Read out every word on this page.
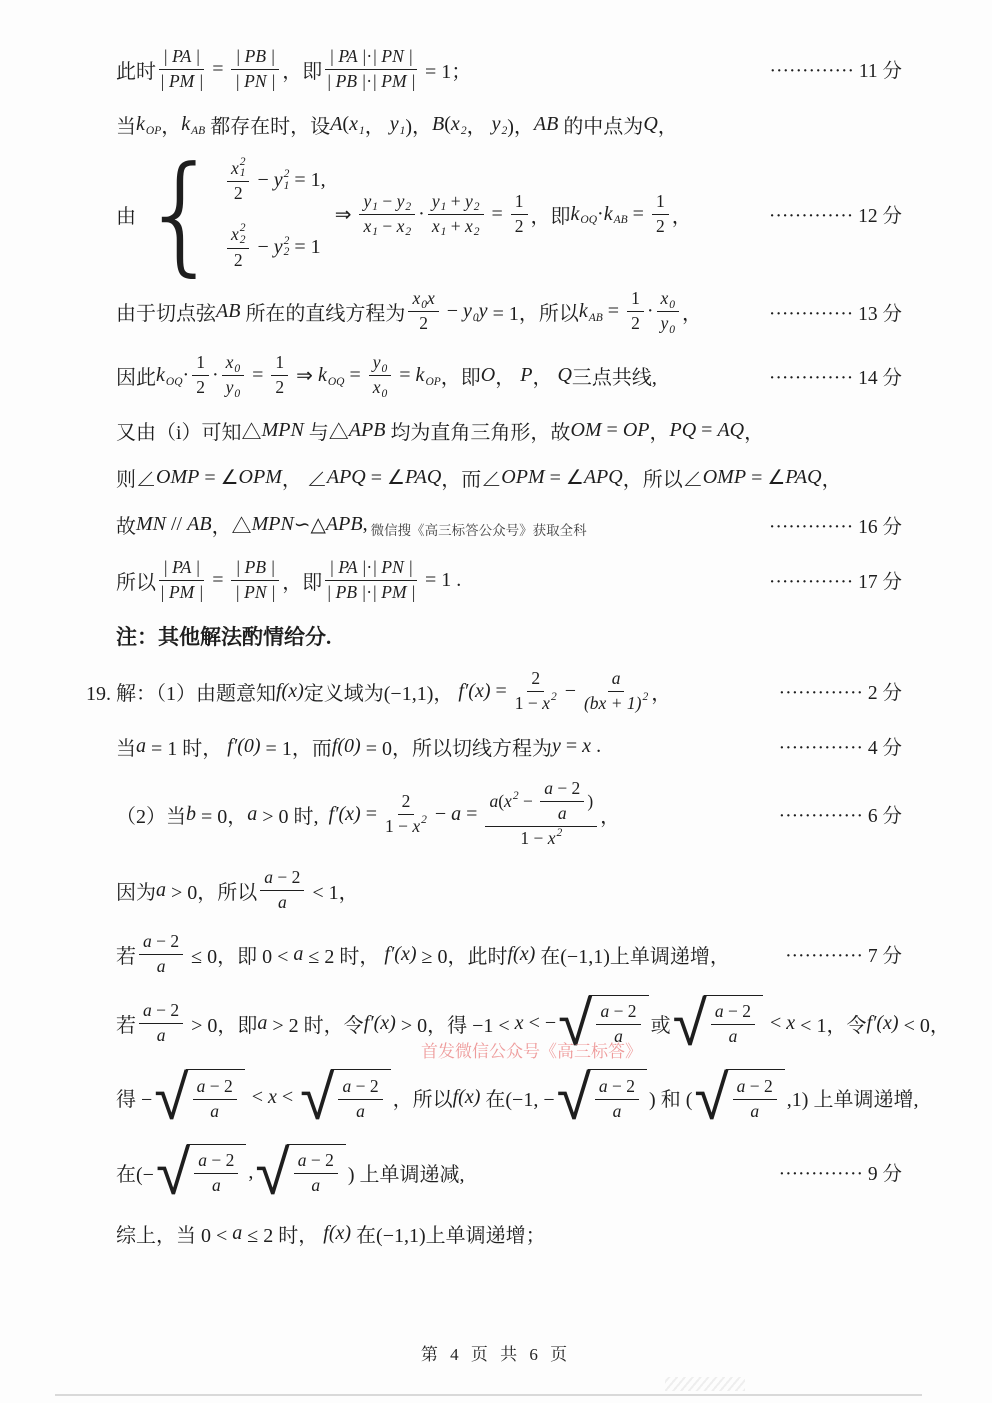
此时 $\frac{| PA |}{| PM |} = \frac{| PB |}{| PN |}$ ，即 $\frac{| PA | \cdot | PN |}{| PB | \cdot | PM |} = 1$；	············· 11 分
当 k OP ， k AB 都存在时，设 A ( x 1 ， y 1 )， B ( x 2 ， y 2 )， AB 的中点为 Q ，
由 { x 2
1
2 − y 2
1 = 1,
x 2
2
2 − y 2
2 = 1
⇒ $\frac{y 1 - y 2}{x 1 - x 2} \cdot \frac{y 1 + y 2}{x 1 + x 2} = \frac{1}{2}$ ，即 k OQ · k AB = $\frac{1}{2}$ ，	············· 12 分
由于切点弦 AB 所在的直线方程为 $\frac{x 0 x}{2} - y$ 0 y = 1，所以 k AB = $\frac{1}{2} \cdot \frac{x 0}{y 0}$ ，	············· 13 分
因此 k OQ · $\frac{1}{2} \cdot \frac{x 0}{y 0} = \frac{1}{2}$ ⇒ k OQ = $\frac{y 0}{x 0} = k$ OP ，即 O ， P ， Q 三点共线,	············· 14 分
又由（i）可知△ MPN 与△ APB 均为直角三角形，故 OM = OP ， PQ = AQ ，
则∠ OMP = ∠ OPM ， ∠ APQ = ∠ PAQ ，而∠ OPM = ∠ APQ ，所以∠ OMP = ∠ PAQ ，
故 MN // AB ，△ MPN ∽△ APB , 微信搜《高三标答公众号》获取全科	············· 16 分
所以 $\frac{| PA |}{| PM |} = \frac{| PB |}{| PN |}$ ，即 $\frac{| PA | \cdot | PN |}{| PB | \cdot | PM |} = 1$ .	············· 17 分
注：其他解法酌情给分.
19. 解：（1）由题意知 f(x) 定义域为(−1,1)， $f'(x) = \frac{2}{1 - x 2} - \frac{a}{(bx + 1) 2}$ ，	············· 2 分
当 a = 1 时， f′(0) = 1，而 f(0) = 0，所以切线方程为 y = x .	············· 4 分
（2）当 b = 0， a > 0 时, $f'(x) = \frac{2}{1 - x 2} - a = \frac{a ( x 2 - \frac{a - 2}{a} )}{1 - x 2}$ ，	············· 6 分
因为 a > 0，所以 $\frac{a - 2}{a} < 1$，
若 $\frac{a - 2}{a} \le 0$，即 0 < a ≤ 2 时， f′(x) ≥ 0，此时 f(x) 在(−1,1)上单调递增，	············ 7 分
若 $\frac{a - 2}{a} > 0$，即 a > 2 时，令 f′(x) > 0，得 −1 < x < − √ $\frac{a - 2}{a}$ 或 √ $\frac{a - 2}{a} < x < 1$，令 f′(x) < 0，
首发微信公众号《高三标答》
得 − √ $\frac{a - 2}{a} < x$ < √ $\frac{a - 2}{a}$ ，所以 f(x) 在(−1, − √ $\frac{a - 2}{a}$ ) 和 ( √ $\frac{a - 2}{a} ,1$) 上单调递增,
在(− √ $\frac{a - 2}{a}$ , √ $\frac{a - 2}{a}$ ) 上单调递减,	············· 9 分
综上，当 0 < a ≤ 2 时， f(x) 在(−1,1)上单调递增；
第 4 页 共 6 页
